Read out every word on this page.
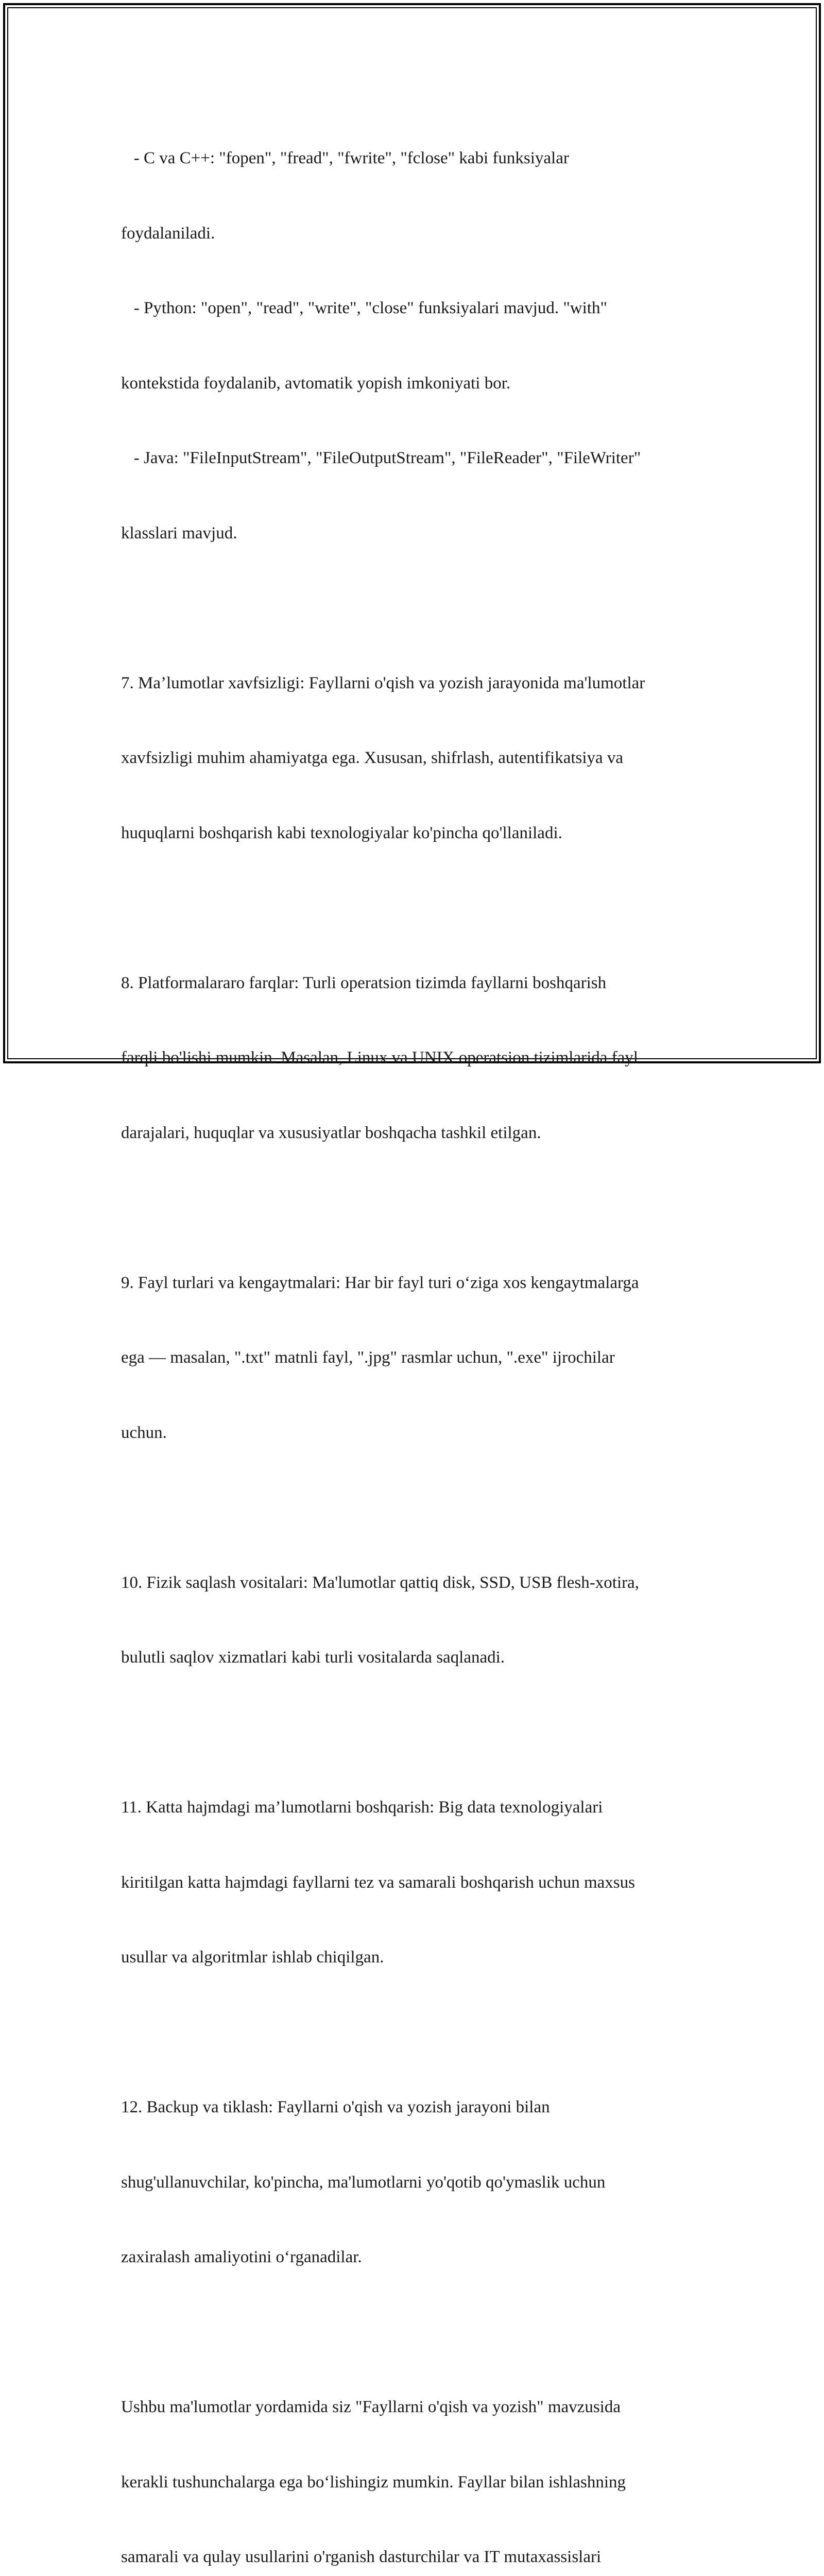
- C va C++: "fopen", "fread", "fwrite", "fclose" kabi funksiyalar

foydalaniladi.

- Python: "open", "read", "write", "close" funksiyalari mavjud. "with"

kontekstida foydalanib, avtomatik yopish imkoniyati bor.

- Java: "FileInputStream", "FileOutputStream", "FileReader", "FileWriter"

klasslari mavjud.

7. Ma’lumotlar xavfsizligi: Fayllarni o'qish va yozish jarayonida ma'lumotlar

xavfsizligi muhim ahamiyatga ega. Xususan, shifrlash, autentifikatsiya va

huquqlarni boshqarish kabi texnologiyalar ko'pincha qo'llaniladi.

8. Platformalararo farqlar: Turli operatsion tizimda fayllarni boshqarish

farqli bo'lishi mumkin. Masalan, Linux va UNIX operatsion tizimlarida fayl

darajalari, huquqlar va xususiyatlar boshqacha tashkil etilgan.

9. Fayl turlari va kengaytmalari: Har bir fayl turi o‘ziga xos kengaytmalarga

ega — masalan, ".txt" matnli fayl, ".jpg" rasmlar uchun, ".exe" ijrochilar

uchun.

10. Fizik saqlash vositalari: Ma'lumotlar qattiq disk, SSD, USB flesh-xotira,

bulutli saqlov xizmatlari kabi turli vositalarda saqlanadi.

11. Katta hajmdagi ma’lumotlarni boshqarish: Big data texnologiyalari

kiritilgan katta hajmdagi fayllarni tez va samarali boshqarish uchun maxsus

usullar va algoritmlar ishlab chiqilgan.

12. Backup va tiklash: Fayllarni o'qish va yozish jarayoni bilan

shug'ullanuvchilar, ko'pincha, ma'lumotlarni yo'qotib qo'ymaslik uchun

zaxiralash amaliyotini o‘rganadilar.

Ushbu ma'lumotlar yordamida siz "Fayllarni o'qish va yozish" mavzusida

kerakli tushunchalarga ega bo‘lishingiz mumkin. Fayllar bilan ishlashning

samarali va qulay usullarini o'rganish dasturchilar va IT mutaxassislari
